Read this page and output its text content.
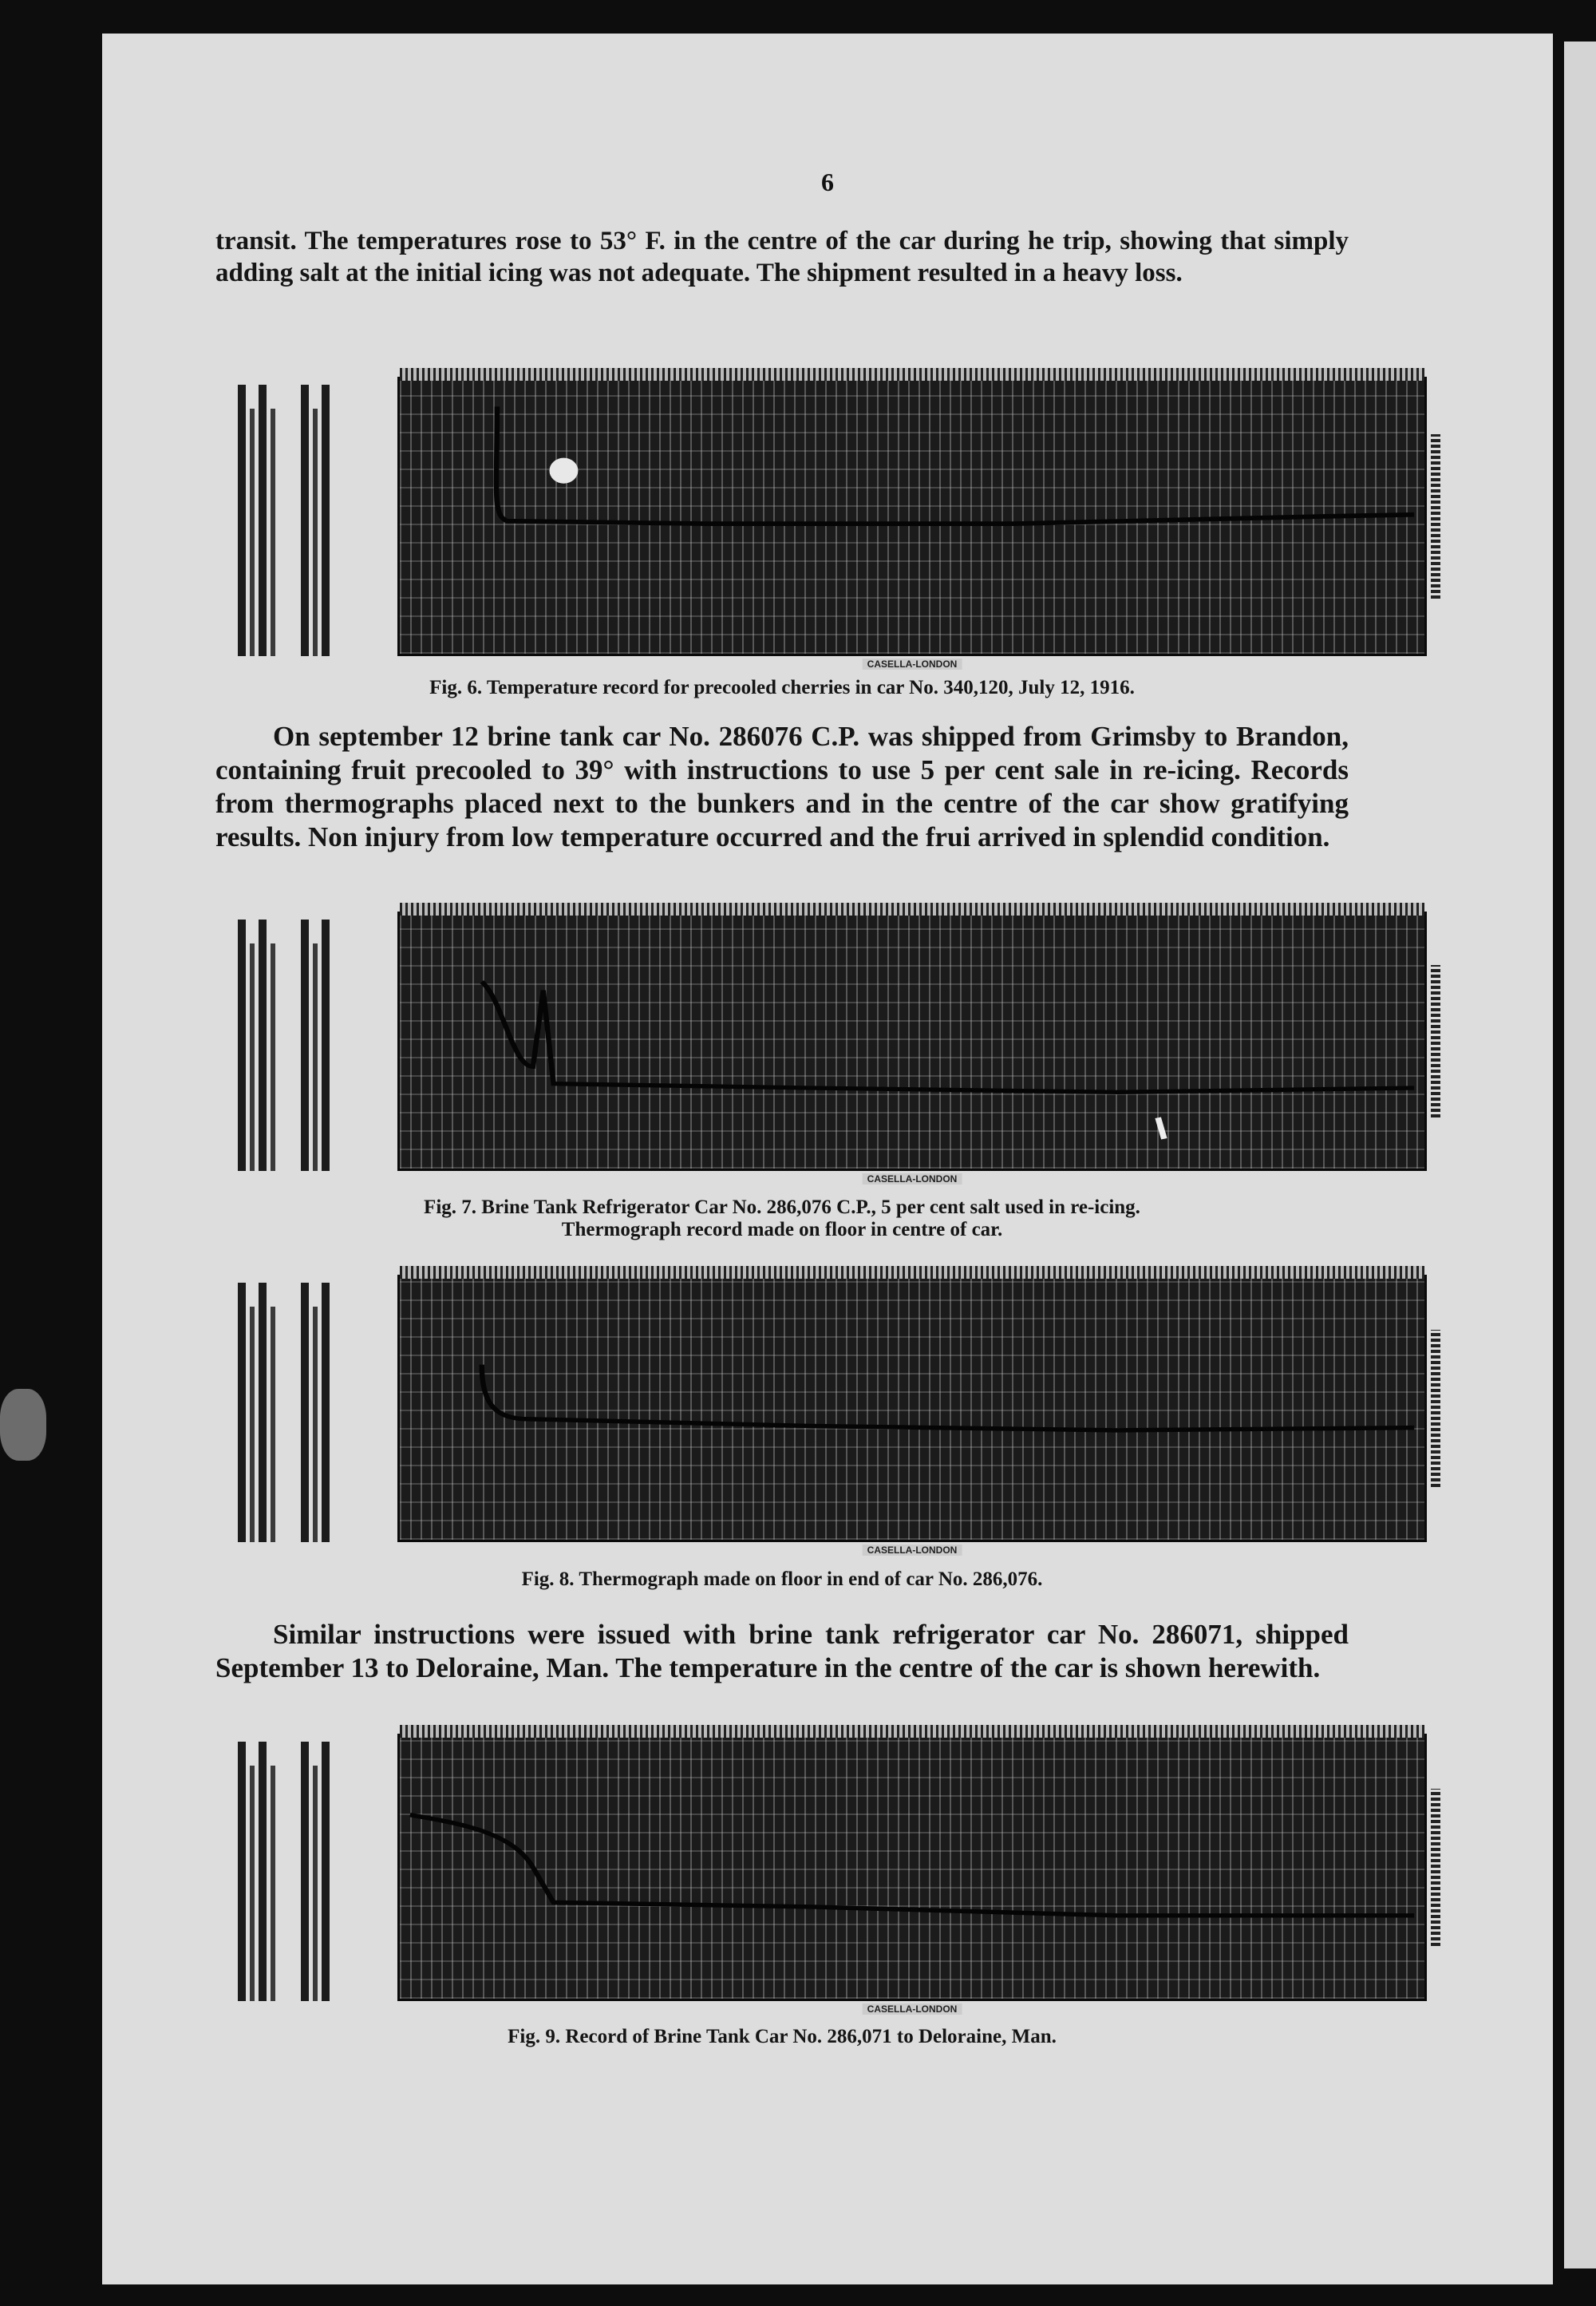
6

transit. The temperatures rose to 53° F. in the centre of the car during he trip, showing that simply adding salt at the initial icing was not adequate. The shipment resulted in a heavy loss.

CASELLA-LONDON
Fig. 6. Temperature record for precooled cherries in car No. 340,120, July 12, 1916.

On september 12 brine tank car No. 286076 C.P. was shipped from Grimsby to Brandon, containing fruit precooled to 39° with instructions to use 5 per cent sale in re-icing. Records from thermographs placed next to the bunkers and in the centre of the car show gratifying results. Non injury from low temperature occurred and the frui arrived in splendid condition.

CASELLA-LONDON
Fig. 7. Brine Tank Refrigerator Car No. 286,076 C.P., 5 per cent salt used in re-icing.
Thermograph record made on floor in centre of car.
CASELLA-LONDON
Fig. 8. Thermograph made on floor in end of car No. 286,076.

Similar instructions were issued with brine tank refrigerator car No. 286071, shipped September 13 to Deloraine, Man. The temperature in the centre of the car is shown herewith.

CASELLA-LONDON
Fig. 9. Record of Brine Tank Car No. 286,071 to Deloraine, Man.
